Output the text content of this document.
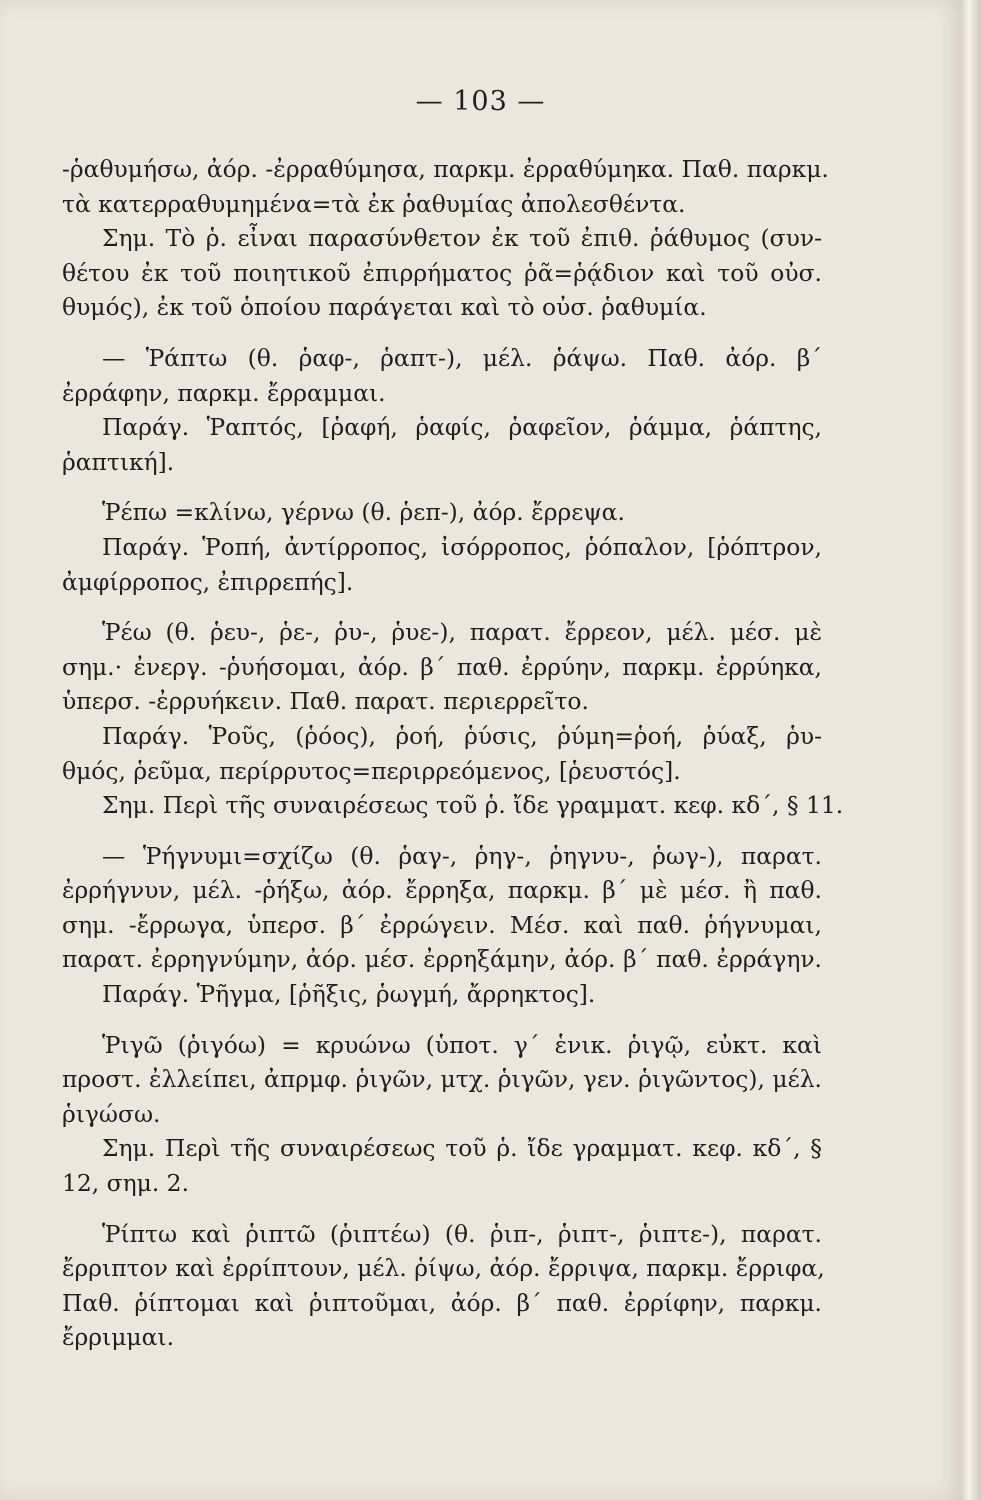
— 103 —
-ῥαθυμήσω, ἀόρ. -ἐρραθύμησα, παρκμ. ἐρραθύμηκα. Παθ. παρκμ.
τὰ κατερραθυμημένα=τὰ ἐκ ῥαθυμίας ἀπολεσθέντα.
Σημ. Τὸ ῥ. εἶναι παρασύνθετον ἐκ τοῦ ἐπιθ. ῥάθυμος (συν-
θέτου ἐκ τοῦ ποιητικοῦ ἐπιρρήματος ῥᾶ=ῥᾴδιον καὶ τοῦ οὐσ.
θυμός), ἐκ τοῦ ὁποίου παράγεται καὶ τὸ οὐσ. ῥαθυμία.
— Ῥάπτω (θ. ῥαφ-, ῥαπτ-), μέλ. ῥάψω. Παθ. ἀόρ. β´
ἐρράφην, παρκμ. ἔρραμμαι.
Παράγ. Ῥαπτός, [ῥαφή, ῥαφίς, ῥαφεῖον, ῥάμμα, ῥάπτης,
ῥαπτική].
Ῥέπω =κλίνω, γέρνω (θ. ῥεπ-), ἀόρ. ἔρρεψα.
Παράγ. Ῥοπή, ἀντίρροπος, ἰσόρροπος, ῥόπαλον, [ῥόπτρον,
ἀμφίρροπος, ἐπιρρεπής].
Ῥέω (θ. ῥευ-, ῥε-, ῥυ-, ῥυε-), παρατ. ἔρρεον, μέλ. μέσ. μὲ
σημ.· ἐνεργ. -ῥυήσομαι, ἀόρ. β´ παθ. ἐρρύην, παρκμ. ἐρρύηκα,
ὑπερσ. -ἐρρυήκειν. Παθ. παρατ. περιερρεῖτο.
Παράγ. Ῥοῦς, (ῥόος), ῥοή, ῥύσις, ῥύμη=ῥοή, ῥύαξ, ῥυ-
θμός, ῥεῦμα, περίρρυτος=περιρρεόμενος, [ῥευστός].
Σημ. Περὶ τῆς συναιρέσεως τοῦ ῥ. ἴδε γραμματ. κεφ. κδ´, § 11.
— Ῥήγνυμι=σχίζω (θ. ῥαγ-, ῥηγ-, ῥηγνυ-, ῥωγ-), παρατ.
ἐρρήγνυν, μέλ. -ῥήξω, ἀόρ. ἔρρηξα, παρκμ. β´ μὲ μέσ. ἢ παθ.
σημ. -ἔρρωγα, ὑπερσ. β´ ἐρρώγειν. Μέσ. καὶ παθ. ῥήγνυμαι,
παρατ. ἐρρηγνύμην, ἀόρ. μέσ. ἐρρηξάμην, ἀόρ. β´ παθ. ἐρράγην.
Παράγ. Ῥῆγμα, [ῥῆξις, ῥωγμή, ἄρρηκτος].
Ῥιγῶ (ῥιγόω) = κρυώνω (ὑποτ. γ´ ἑνικ. ῥιγῷ, εὐκτ. καὶ
προστ. ἐλλείπει, ἀπρμφ. ῥιγῶν, μτχ. ῥιγῶν, γεν. ῥιγῶντος), μέλ.
ῥιγώσω.
Σημ. Περὶ τῆς συναιρέσεως τοῦ ῥ. ἴδε γραμματ. κεφ. κδ´, §
12, σημ. 2.
Ῥίπτω καὶ ῥιπτῶ (ῥιπτέω) (θ. ῥιπ-, ῥιπτ-, ῥιπτε-), παρατ.
ἔρριπτον καὶ ἐρρίπτουν, μέλ. ῥίψω, ἀόρ. ἔρριψα, παρκμ. ἔρριφα,
Παθ. ῥίπτομαι καὶ ῥιπτοῦμαι, ἀόρ. β´ παθ. ἐρρίφην, παρκμ.
ἔρριμμαι.
